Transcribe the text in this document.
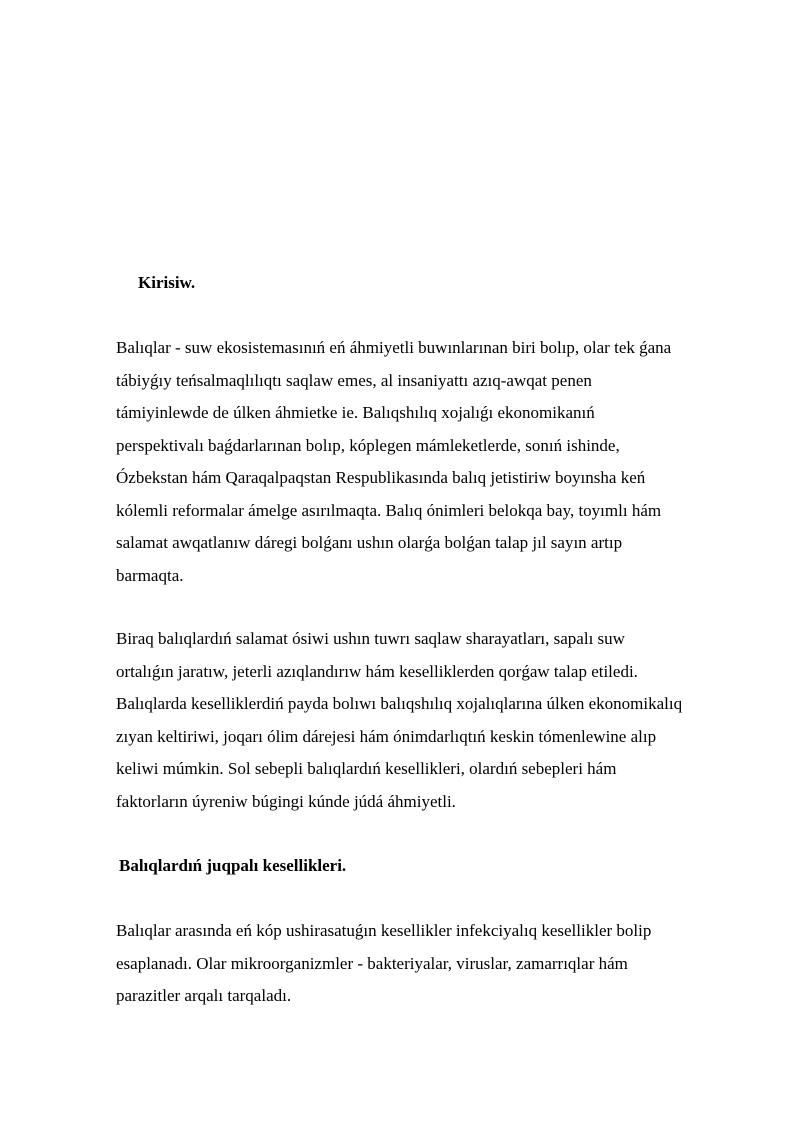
Kirisiw.

Balıqlar - suw ekosistemasınıń eń áhmiyetli buwınlarınan biri bolıp, olar tek ǵana
tábiyǵıy teńsalmaqlılıqtı saqlaw emes, al insaniyattı azıq-awqat penen
támiyinlewde de úlken áhmietke ie. Balıqshılıq xojalıǵı ekonomikanıń
perspektivalı baǵdarlarınan bolıp, kóplegen mámleketlerde, sonıń ishinde,
Ózbekstan hám Qaraqalpaqstan Respublikasında balıq jetistiriw boyınsha keń
kólemli reformalar ámelge asırılmaqta. Balıq ónimleri belokqa bay, toyımlı hám
salamat awqatlanıw dáregi bolǵanı ushın olarǵa bolǵan talap jıl sayın artıp
barmaqta.

Biraq balıqlardıń salamat ósiwi ushın tuwrı saqlaw sharayatları, sapalı suw
ortalıǵın jaratıw, jeterli azıqlandırıw hám keselliklerden qorǵaw talap etiledi.
Balıqlarda keselliklerdiń payda bolıwı balıqshılıq xojalıqlarına úlken ekonomikalıq
zıyan keltiriwi, joqarı ólim dárejesi hám ónimdarlıqtıń keskin tómenlewine alıp
keliwi múmkin. Sol sebepli balıqlardıń kesellikleri, olardıń sebepleri hám
faktorların úyreniw búgingi kúnde júdá áhmiyetli.

Balıqlardıń juqpalı kesellikleri.

Balıqlar arasında eń kóp ushirasatuǵın kesellikler infekciyalıq kesellikler bolip
esaplanadı. Olar mikroorganizmler - bakteriyalar, viruslar, zamarrıqlar hám
parazitler arqalı tarqaladı.
